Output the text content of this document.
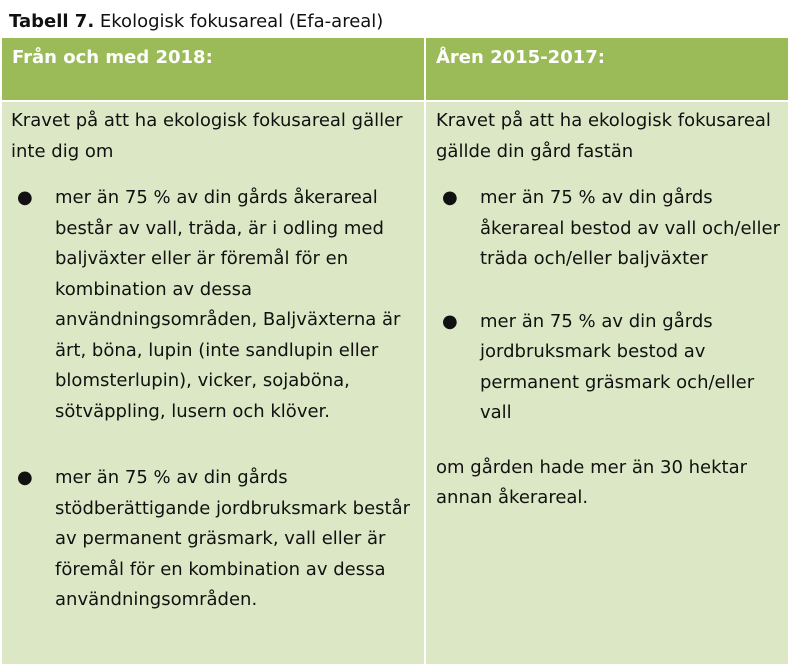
Tabell 7. Ekologisk fokusareal (Efa-areal)
Från och med 2018:	Åren 2015-2017:

Kravet på att ha ekologisk fokusareal gäller inte dig om

● mer än 75 % av din gårds åkerareal består av vall, träda, är i odling med baljväxter eller är föremål för en kombination av dessa användningsområden, Baljväxterna är ärt, böna, lupin (inte sandlupin eller blomsterlupin), vicker, sojaböna, sötväppling, lusern och klöver.
● mer än 75 % av din gårds stödberättigande jordbruksmark består av permanent gräsmark, vall eller är föremål för en kombination av dessa användningsområden.

Kravet på att ha ekologisk fokusareal gällde din gård fastän

● mer än 75 % av din gårds åkerareal bestod av vall och/eller träda och/eller baljväxter
● mer än 75 % av din gårds jordbruksmark bestod av permanent gräsmark och/eller vall

om gården hade mer än 30 hektar annan åkerareal.
